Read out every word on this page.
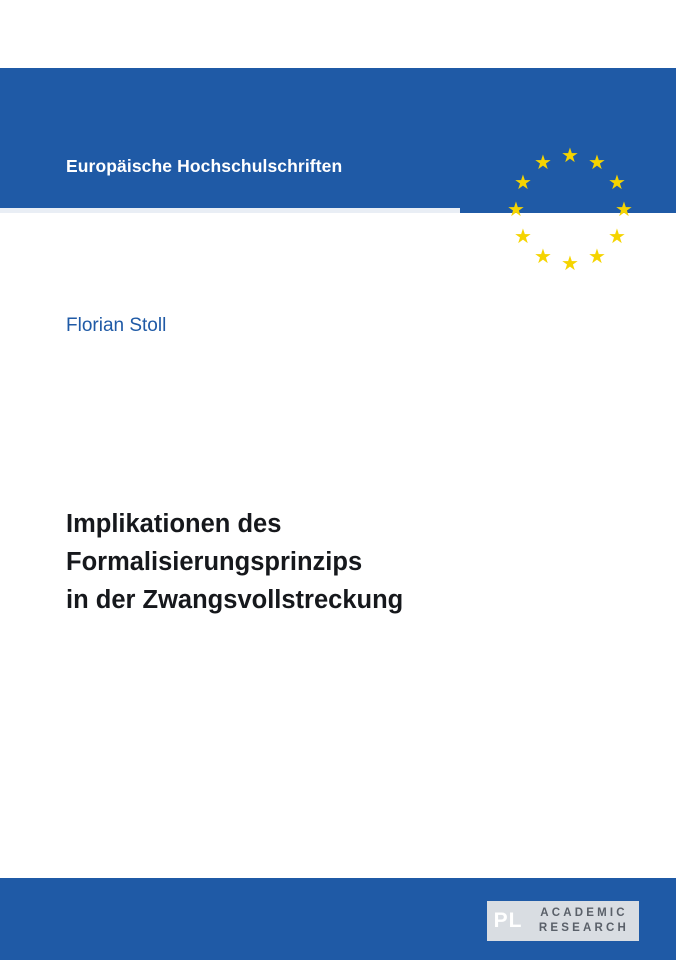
Europäische Hochschulschriften
Rechtswissenschaft
★ ★
★
★
★
★
★
★
★
★
★
★
Florian Stoll
Implikationen des
Formalisierungsprinzips
in der Zwangsvollstreckung
PL	ACADEMIC
RESEARCH
